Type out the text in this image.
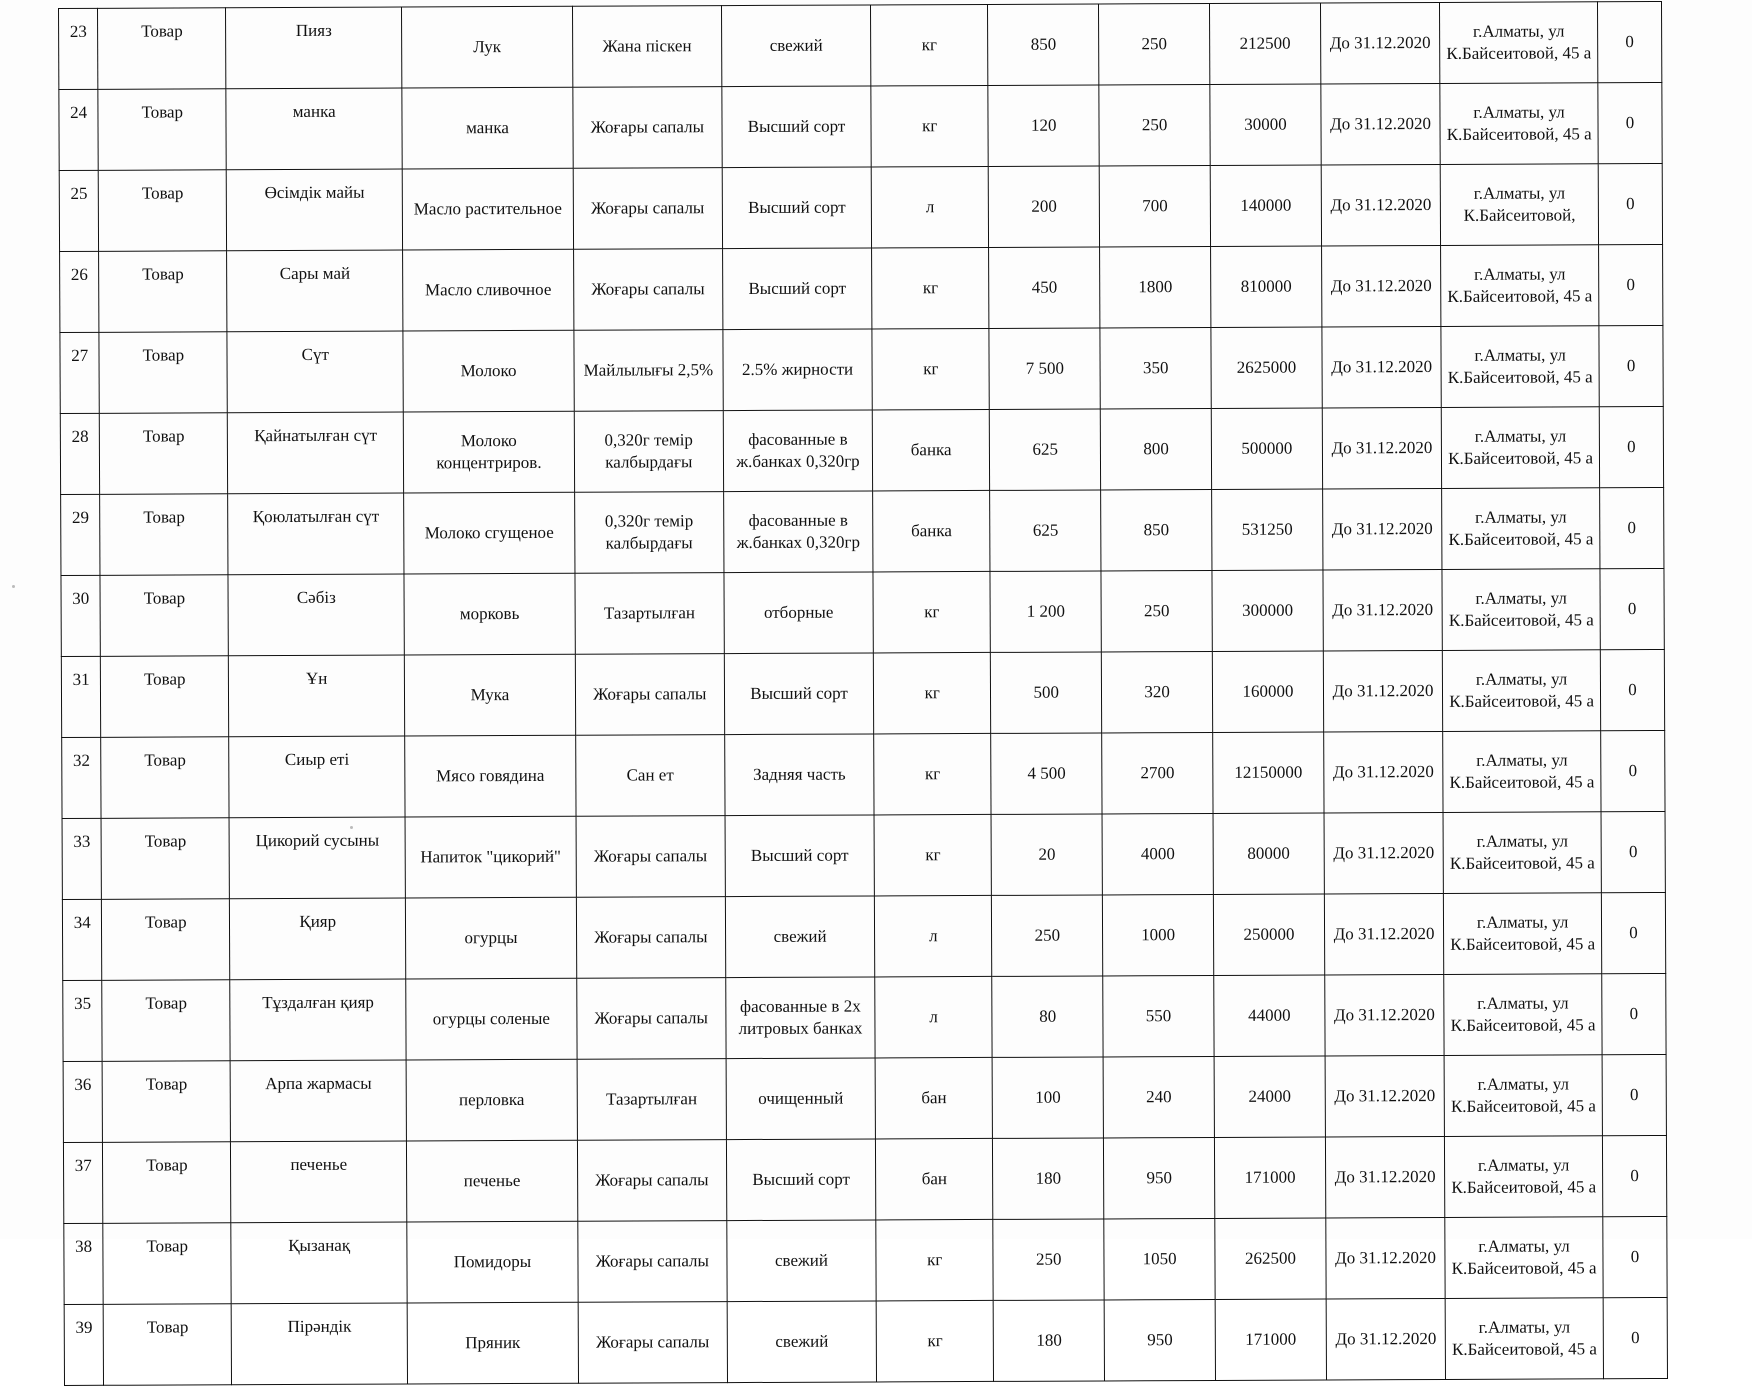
23	Товар	Пияз	Лук	Жана піскен	свежий	кг	850	250	212500	До 31.12.2020	г.Алматы, ул К.Байсеитовой, 45 а	0
24	Товар	манка	манка	Жоғары сапалы	Высший сорт	кг	120	250	30000	До 31.12.2020	г.Алматы, ул К.Байсеитовой, 45 а	0
25	Товар	Өсімдік майы	Масло растительное	Жоғары сапалы	Высший сорт	л	200	700	140000	До 31.12.2020	г.Алматы, ул К.Байсеитовой,	0
26	Товар	Сары май	Масло сливочное	Жоғары сапалы	Высший сорт	кг	450	1800	810000	До 31.12.2020	г.Алматы, ул К.Байсеитовой, 45 а	0
27	Товар	Сүт	Молоко	Майлылығы 2,5%	2.5% жирности	кг	7 500	350	2625000	До 31.12.2020	г.Алматы, ул К.Байсеитовой, 45 а	0
28	Товар	Қайнатылған сүт	Молоко концентриров.	0,320г темір калбырдағы	фасованные в ж.банках 0,320гр	банка	625	800	500000	До 31.12.2020	г.Алматы, ул К.Байсеитовой, 45 а	0
29	Товар	Қоюлатылған сүт	Молоко сгущеное	0,320г темір калбырдағы	фасованные в ж.банках 0,320гр	банка	625	850	531250	До 31.12.2020	г.Алматы, ул К.Байсеитовой, 45 а	0
30	Товар	Сәбіз	морковь	Тазартылған	отборные	кг	1 200	250	300000	До 31.12.2020	г.Алматы, ул К.Байсеитовой, 45 а	0
31	Товар	Ұн	Мука	Жоғары сапалы	Высший сорт	кг	500	320	160000	До 31.12.2020	г.Алматы, ул К.Байсеитовой, 45 а	0
32	Товар	Сиыр еті	Мясо говядина	Сан ет	Задняя часть	кг	4 500	2700	12150000	До 31.12.2020	г.Алматы, ул К.Байсеитовой, 45 а	0
33	Товар	Цикорий сусыны	Напиток "цикорий"	Жоғары сапалы	Высший сорт	кг	20	4000	80000	До 31.12.2020	г.Алматы, ул К.Байсеитовой, 45 а	0
34	Товар	Қияр	огурцы	Жоғары сапалы	свежий	л	250	1000	250000	До 31.12.2020	г.Алматы, ул К.Байсеитовой, 45 а	0
35	Товар	Тұздалған қияр	огурцы соленые	Жоғары сапалы	фасованные в 2х литровых банках	л	80	550	44000	До 31.12.2020	г.Алматы, ул К.Байсеитовой, 45 а	0
36	Товар	Арпа жармасы	перловка	Тазартылған	очищенный	бан	100	240	24000	До 31.12.2020	г.Алматы, ул К.Байсеитовой, 45 а	0
37	Товар	печенье	печенье	Жоғары сапалы	Высший сорт	бан	180	950	171000	До 31.12.2020	г.Алматы, ул К.Байсеитовой, 45 а	0
38	Товар	Қызанақ	Помидоры	Жоғары сапалы	свежий	кг	250	1050	262500	До 31.12.2020	г.Алматы, ул К.Байсеитовой, 45 а	0
39	Товар	Пірәндік	Пряник	Жоғары сапалы	свежий	кг	180	950	171000	До 31.12.2020	г.Алматы, ул К.Байсеитовой, 45 а	0
